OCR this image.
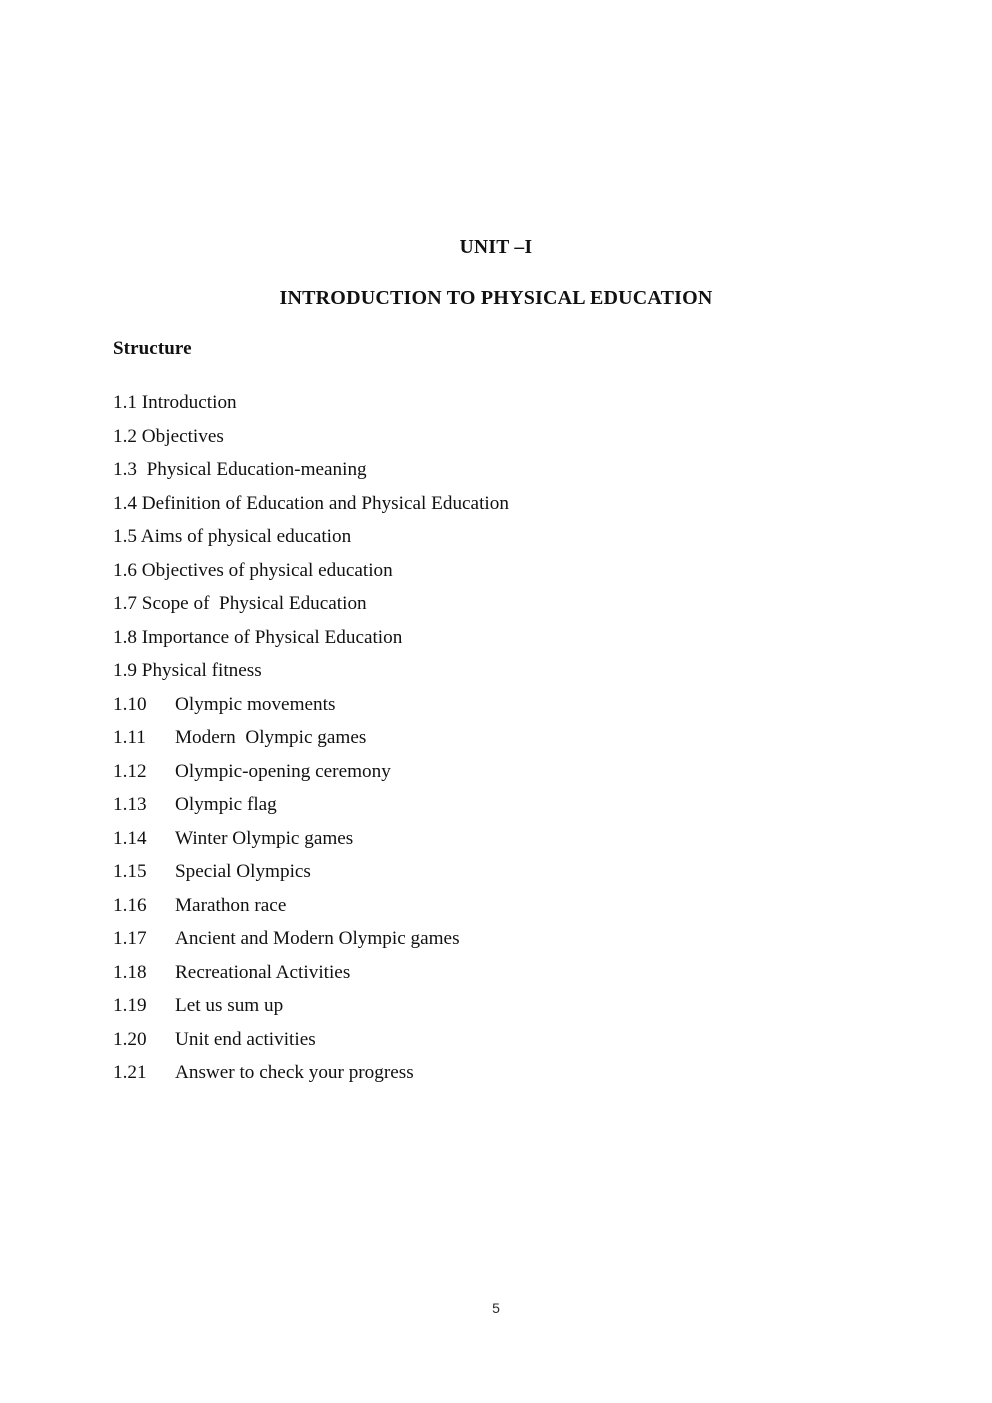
UNIT –I
INTRODUCTION TO PHYSICAL EDUCATION
Structure
1.1 Introduction
1.2 Objectives
1.3  Physical Education-meaning
1.4 Definition of Education and Physical Education
1.5 Aims of physical education
1.6 Objectives of physical education
1.7 Scope of  Physical Education
1.8 Importance of Physical Education
1.9 Physical fitness
1.10 Olympic movements
1.11 Modern  Olympic games
1.12 Olympic-opening ceremony
1.13 Olympic flag
1.14 Winter Olympic games
1.15 Special Olympics
1.16 Marathon race
1.17 Ancient and Modern Olympic games
1.18 Recreational Activities
1.19 Let us sum up
1.20 Unit end activities
1.21 Answer to check your progress
5
